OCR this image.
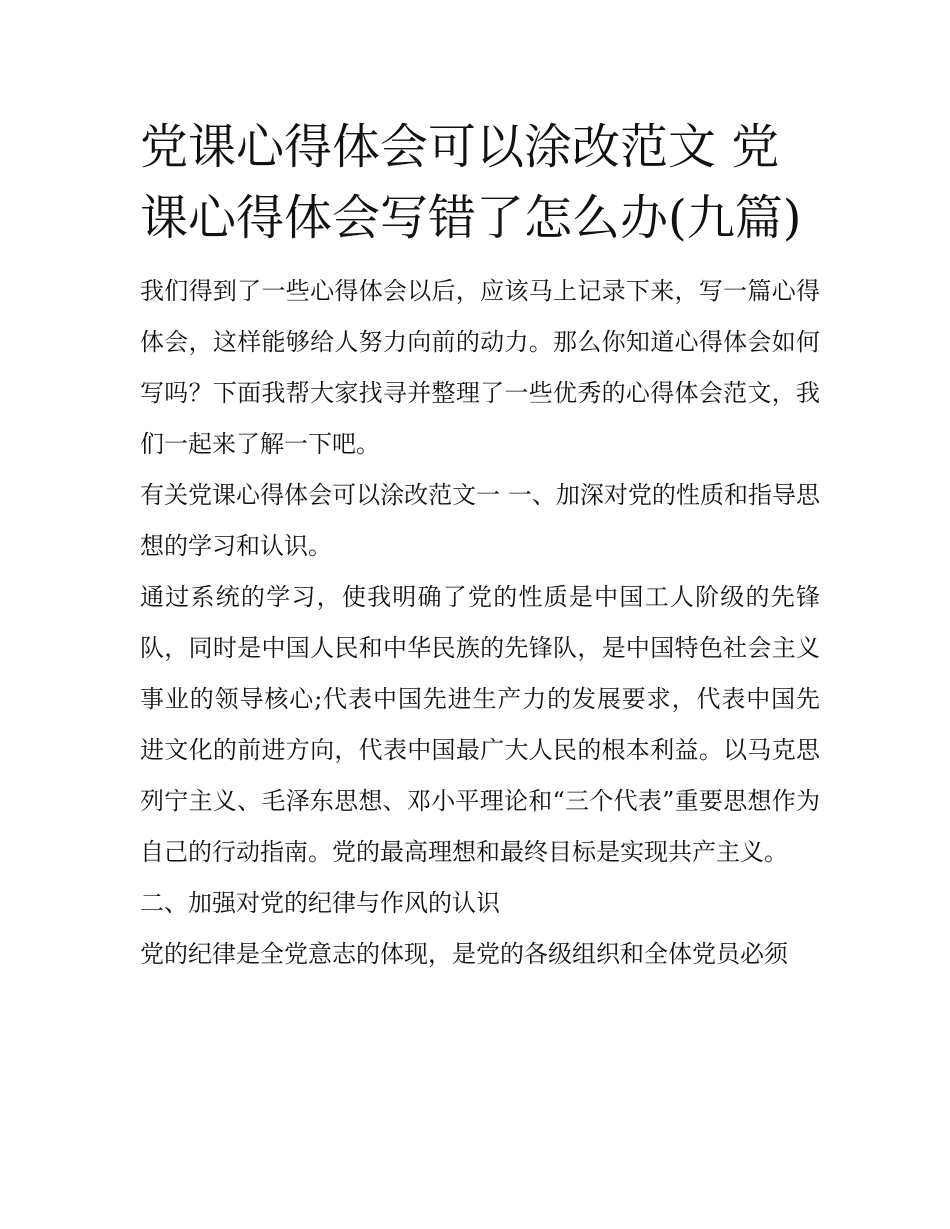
党课心得体会可以涂改范文 党课心得体会写错了怎么办(九篇)

我们得到了一些心得体会以后，应该马上记录下来，写一篇心得体会，这样能够给人努力向前的动力。那么你知道心得体会如何写吗？下面我帮大家找寻并整理了一些优秀的心得体会范文，我们一起来了解一下吧。

有关党课心得体会可以涂改范文一 一、加深对党的性质和指导思想的学习和认识。

通过系统的学习，使我明确了党的性质是中国工人阶级的先锋队，同时是中国人民和中华民族的先锋队，是中国特色社会主义事业的领导核心;代表中国先进生产力的发展要求，代表中国先进文化的前进方向，代表中国最广大人民的根本利益。以马克思列宁主义、毛泽东思想、邓小平理论和“三个代表”重要思想作为自己的行动指南。党的最高理想和最终目标是实现共产主义。

二、加强对党的纪律与作风的认识

党的纪律是全党意志的体现，是党的各级组织和全体党员必须
